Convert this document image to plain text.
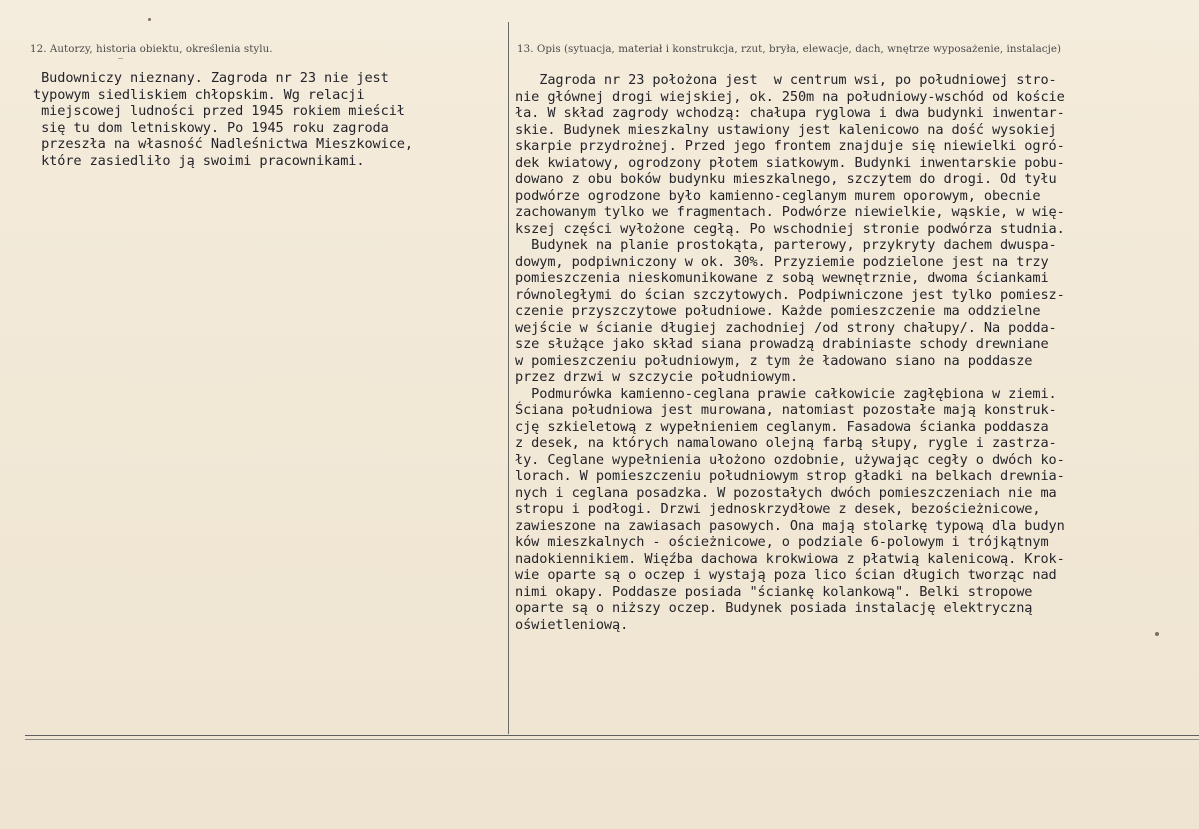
12. Autorzy, historia obiektu, określenia stylu.	13. Opis (sytuacja, materiał i konstrukcja, rzut, bryła, elewacje, dach, wnętrze wyposażenie, instalacje)
Budowniczy nieznany. Zagroda nr 23 nie jest
typowym siedliskiem chłopskim. Wg relacji
miejscowej ludności przed 1945 rokiem mieścił
się tu dom letniskowy. Po 1945 roku zagroda
przeszła na własność Nadleśnictwa Mieszkowice,
które zasiedliło ją swoimi pracownikami.
Zagroda nr 23 położona jest  w centrum wsi, po południowej stro-
nie głównej drogi wiejskiej, ok. 250m na południowy-wschód od koście
ła. W skład zagrody wchodzą: chałupa ryglowa i dwa budynki inwentar-
skie. Budynek mieszkalny ustawiony jest kalenicowo na dość wysokiej
skarpie przydrożnej. Przed jego frontem znajduje się niewielki ogró-
dek kwiatowy, ogrodzony płotem siatkowym. Budynki inwentarskie pobu-
dowano z obu boków budynku mieszkalnego, szczytem do drogi. Od tyłu
podwórze ogrodzone było kamienno-ceglanym murem oporowym, obecnie
zachowanym tylko we fragmentach. Podwórze niewielkie, wąskie, w wię-
kszej części wyłożone cegłą. Po wschodniej stronie podwórza studnia.
Budynek na planie prostokąta, parterowy, przykryty dachem dwuspa-
dowym, podpiwniczony w ok. 30%. Przyziemie podzielone jest na trzy
pomieszczenia nieskomunikowane z sobą wewnętrznie, dwoma ściankami
równoległymi do ścian szczytowych. Podpiwniczone jest tylko pomiesz-
czenie przyszczytowe południowe. Każde pomieszczenie ma oddzielne
wejście w ścianie długiej zachodniej /od strony chałupy/. Na podda-
sze służące jako skład siana prowadzą drabiniaste schody drewniane
w pomieszczeniu południowym, z tym że ładowano siano na poddasze
przez drzwi w szczycie południowym.
Podmurówka kamienno-ceglana prawie całkowicie zagłębiona w ziemi.
Ściana południowa jest murowana, natomiast pozostałe mają konstruk-
cję szkieletową z wypełnieniem ceglanym. Fasadowa ścianka poddasza
z desek, na których namalowano olejną farbą słupy, rygle i zastrza-
ły. Ceglane wypełnienia ułożono ozdobnie, używając cegły o dwóch ko-
lorach. W pomieszczeniu południowym strop gładki na belkach drewnia-
nych i ceglana posadzka. W pozostałych dwóch pomieszczeniach nie ma
stropu i podłogi. Drzwi jednoskrzydłowe z desek, bezościeżnicowe,
zawieszone na zawiasach pasowych. Ona mają stolarkę typową dla budyn
ków mieszkalnych - ościeżnicowe, o podziale 6-polowym i trójkątnym
nadokiennikiem. Więźba dachowa krokwiowa z płatwią kalenicową. Krok-
wie oparte są o oczep i wystają poza lico ścian długich tworząc nad
nimi okapy. Poddasze posiada "ściankę kolankową". Belki stropowe
oparte są o niższy oczep. Budynek posiada instalację elektryczną
oświetleniową.
